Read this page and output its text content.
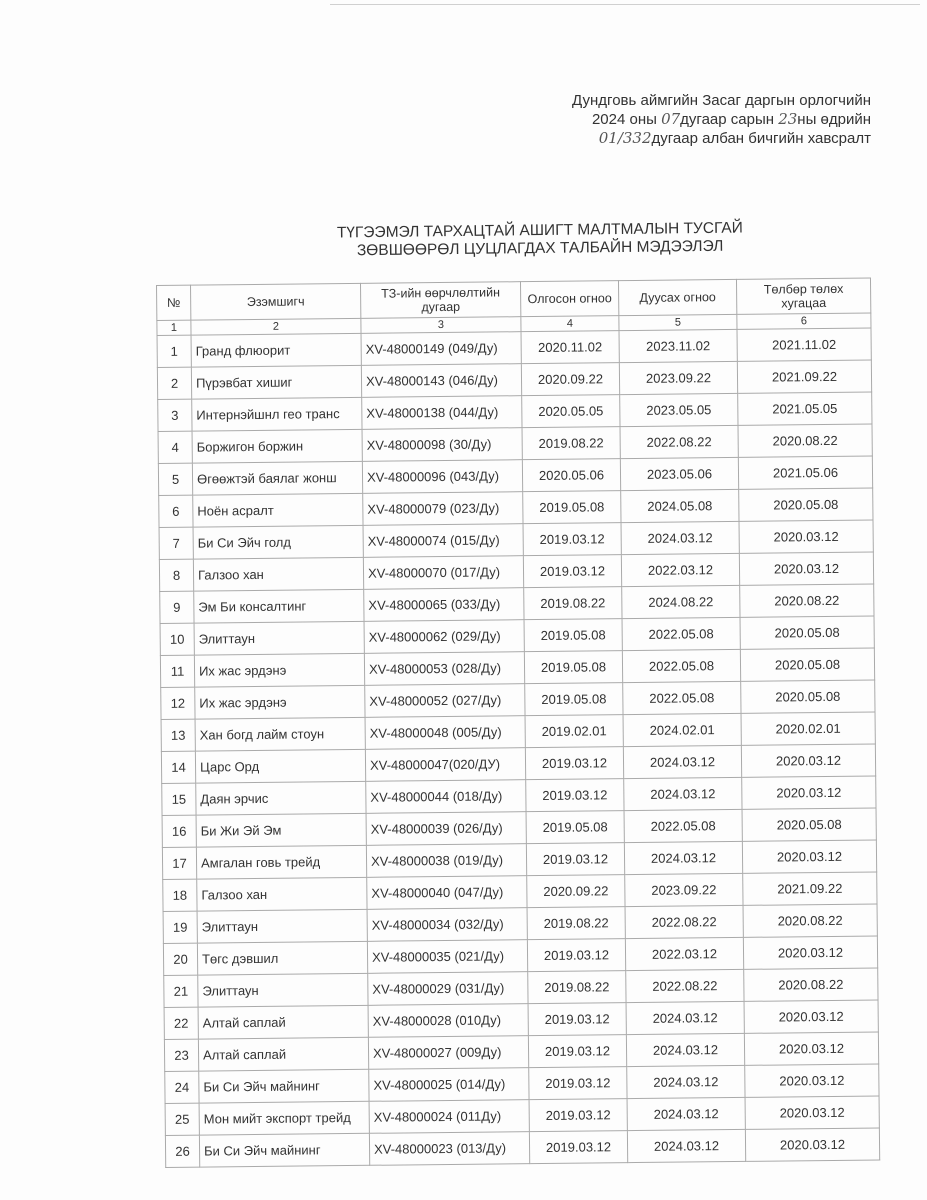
Дундговь аймгийн Засаг даргын орлогчийн
2024 оны 07дугаар сарын 23ны өдрийн
01/332дугаар албан бичгийн хавсралт
ТҮГЭЭМЭЛ ТАРХАЦТАЙ АШИГТ МАЛТМАЛЫН ТУСГАЙ
ЗӨВШӨӨРӨЛ ЦУЦЛАГДАХ ТАЛБАЙН МЭДЭЭЛЭЛ
№	Эзэмшигч	ТЗ-ийн өөрчлөлтийн дугаар	Олгосон огноо	Дуусах огноо	Төлбөр төлөх хугацаа
1	2	3	4	5	6
1	Гранд флюорит	XV-48000149 (049/Ду)	2020.11.02	2023.11.02	2021.11.02
2	Пүрэвбат хишиг	XV-48000143 (046/Ду)	2020.09.22	2023.09.22	2021.09.22
3	Интернэйшнл гео транс	XV-48000138 (044/Ду)	2020.05.05	2023.05.05	2021.05.05
4	Боржигон боржин	XV-48000098 (30/Ду)	2019.08.22	2022.08.22	2020.08.22
5	Өгөөжтэй баялаг жонш	XV-48000096 (043/Ду)	2020.05.06	2023.05.06	2021.05.06
6	Ноён асралт	XV-48000079 (023/Ду)	2019.05.08	2024.05.08	2020.05.08
7	Би Си Эйч голд	XV-48000074 (015/Ду)	2019.03.12	2024.03.12	2020.03.12
8	Галзоо хан	XV-48000070 (017/Ду)	2019.03.12	2022.03.12	2020.03.12
9	Эм Би консалтинг	XV-48000065 (033/Ду)	2019.08.22	2024.08.22	2020.08.22
10	Элиттаун	XV-48000062 (029/Ду)	2019.05.08	2022.05.08	2020.05.08
11	Их жас эрдэнэ	XV-48000053 (028/Ду)	2019.05.08	2022.05.08	2020.05.08
12	Их жас эрдэнэ	XV-48000052 (027/Ду)	2019.05.08	2022.05.08	2020.05.08
13	Хан богд лайм стоун	XV-48000048 (005/Ду)	2019.02.01	2024.02.01	2020.02.01
14	Царс Орд	XV-48000047(020/ДУ)	2019.03.12	2024.03.12	2020.03.12
15	Даян эрчис	XV-48000044 (018/Ду)	2019.03.12	2024.03.12	2020.03.12
16	Би Жи Эй Эм	XV-48000039 (026/Ду)	2019.05.08	2022.05.08	2020.05.08
17	Амгалан говь трейд	XV-48000038 (019/Ду)	2019.03.12	2024.03.12	2020.03.12
18	Галзоо хан	XV-48000040 (047/Ду)	2020.09.22	2023.09.22	2021.09.22
19	Элиттаун	XV-48000034 (032/Ду)	2019.08.22	2022.08.22	2020.08.22
20	Төгс дэвшил	XV-48000035 (021/Ду)	2019.03.12	2022.03.12	2020.03.12
21	Элиттаун	XV-48000029 (031/Ду)	2019.08.22	2022.08.22	2020.08.22
22	Алтай саплай	XV-48000028 (010Ду)	2019.03.12	2024.03.12	2020.03.12
23	Алтай саплай	XV-48000027 (009Ду)	2019.03.12	2024.03.12	2020.03.12
24	Би Си Эйч майнинг	XV-48000025 (014/Ду)	2019.03.12	2024.03.12	2020.03.12
25	Мон мийт экспорт трейд	XV-48000024 (011Ду)	2019.03.12	2024.03.12	2020.03.12
26	Би Си Эйч майнинг	XV-48000023 (013/Ду)	2019.03.12	2024.03.12	2020.03.12
